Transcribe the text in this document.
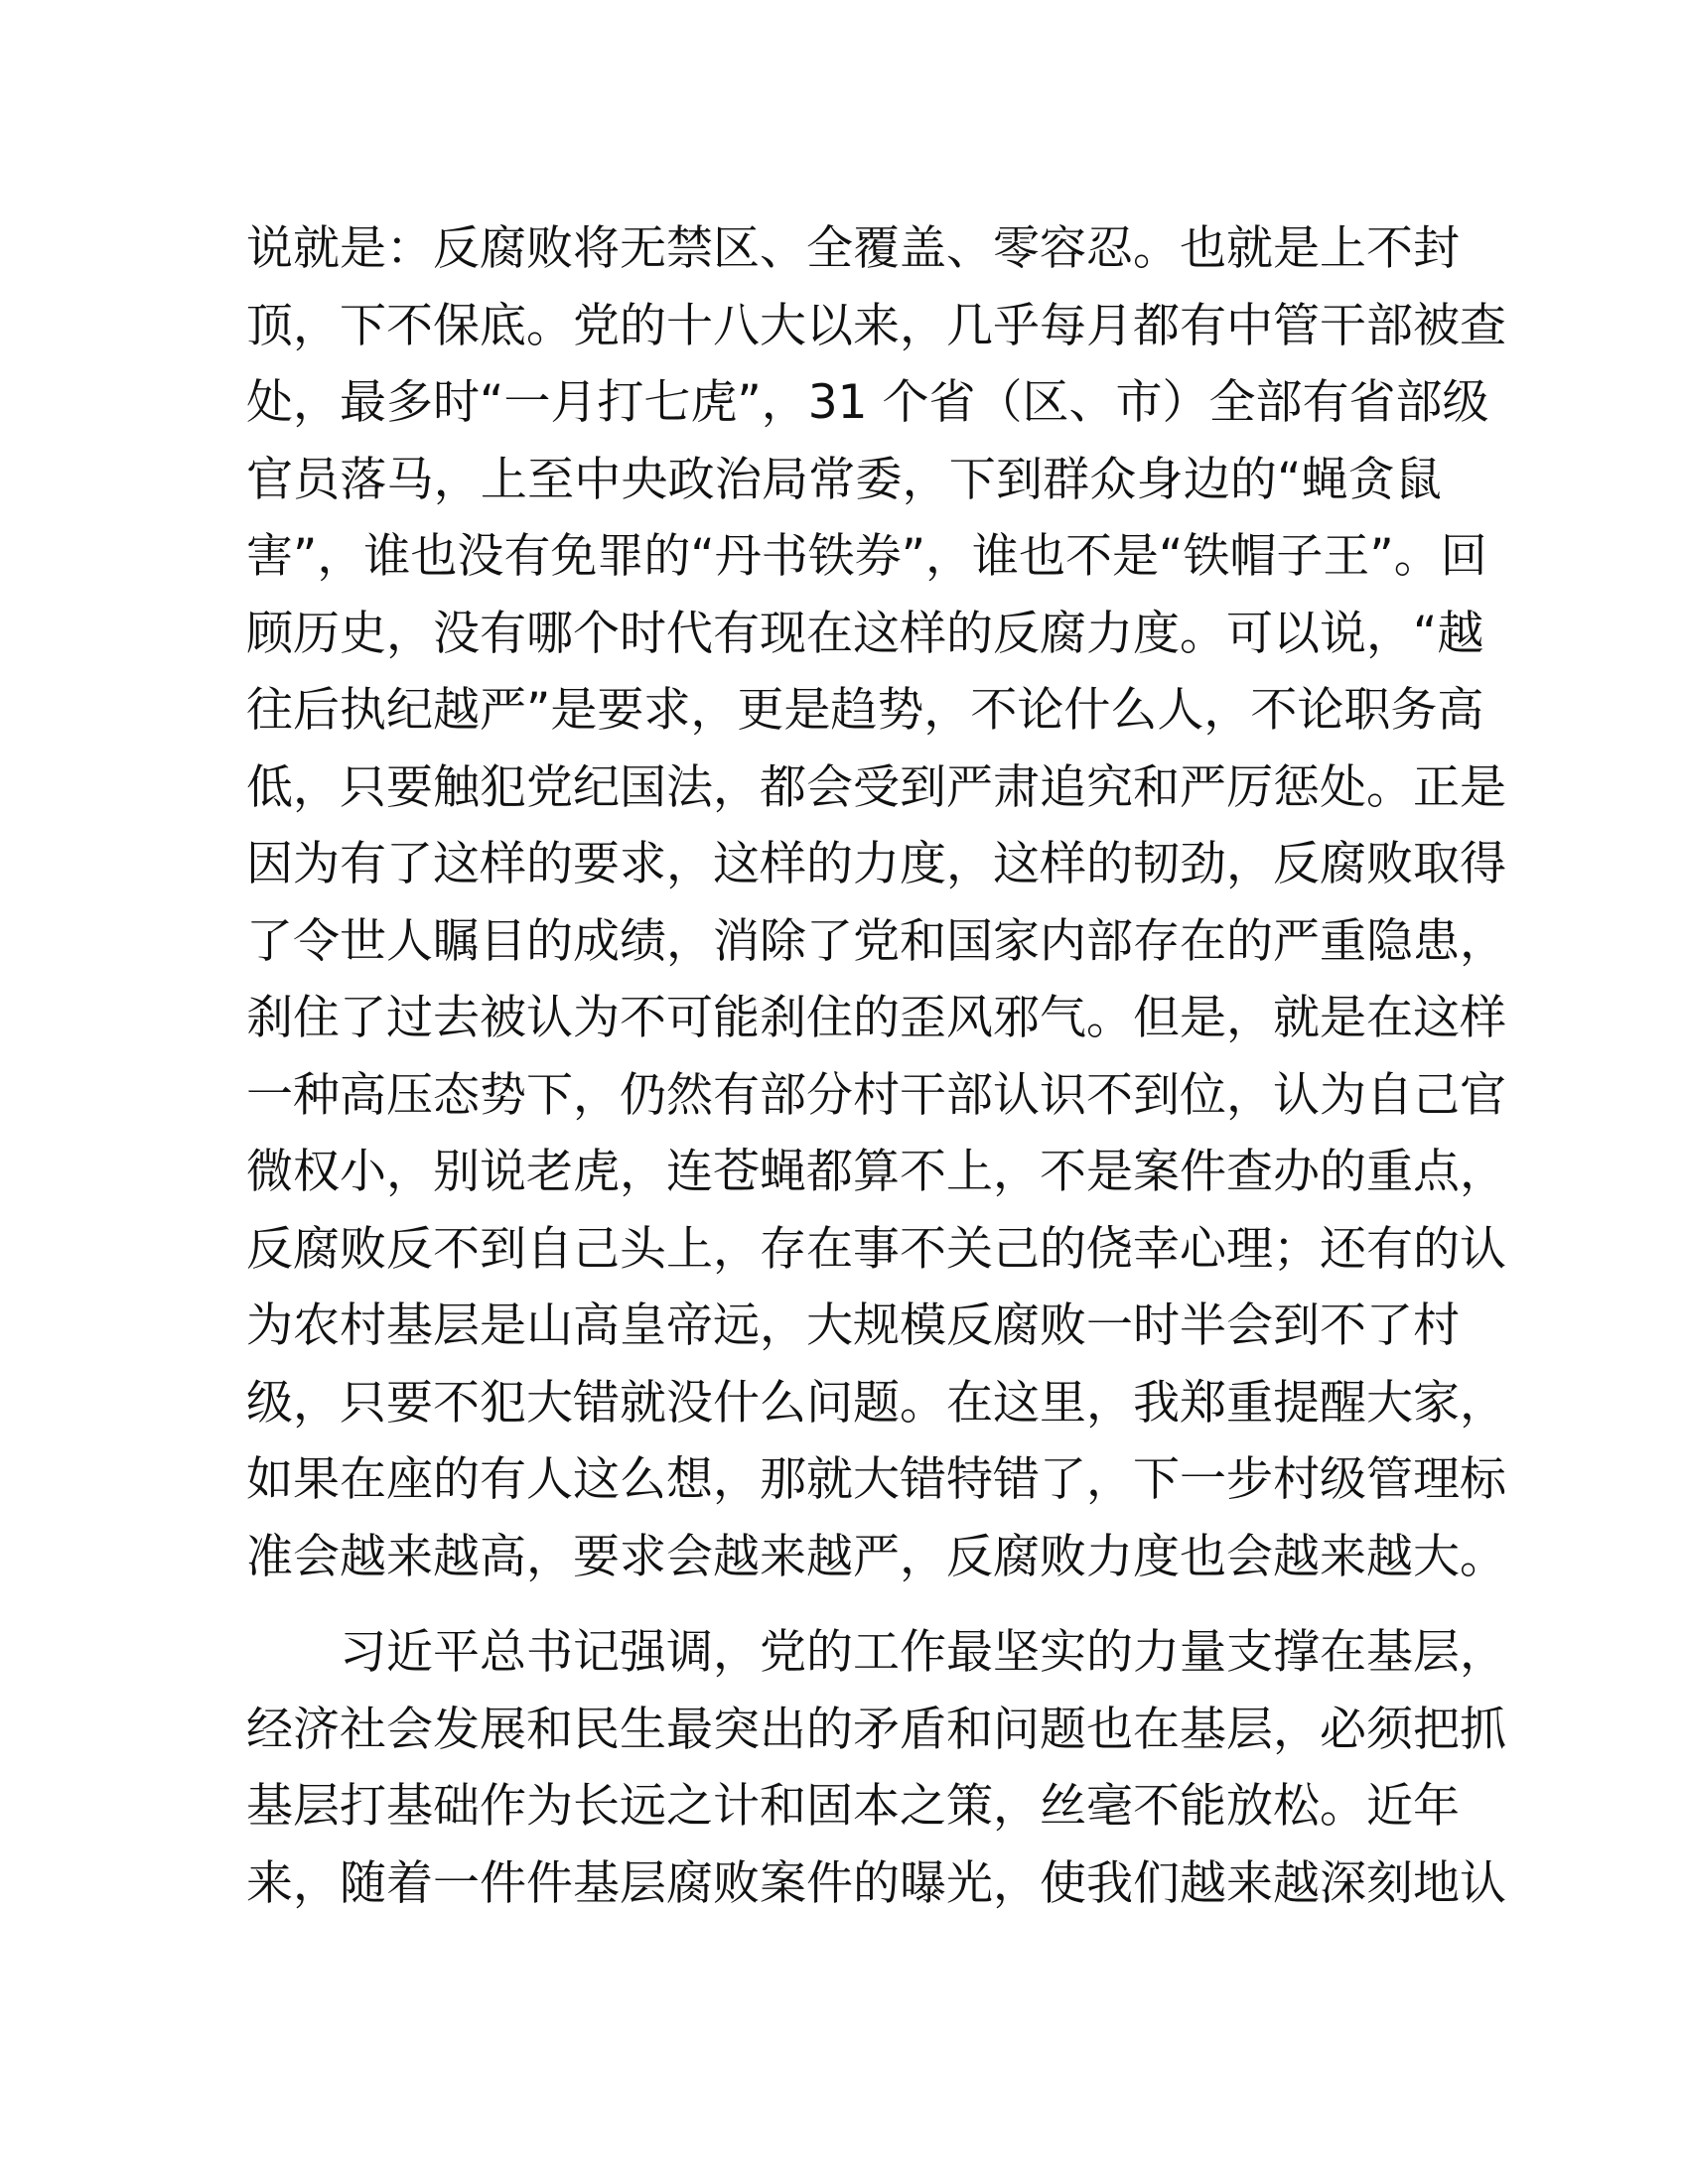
说就是：反腐败将无禁区、全覆盖、零容忍。也就是上不封
顶，下不保底。党的十八大以来，几乎每月都有中管干部被查
处，最多时“一月打七虎”，31 个省（区、市）全部有省部级
官员落马，上至中央政治局常委，下到群众身边的“蝇贪鼠
害”，谁也没有免罪的“丹书铁券”，谁也不是“铁帽子王”。回
顾历史，没有哪个时代有现在这样的反腐力度。可以说，“越
往后执纪越严”是要求，更是趋势，不论什么人，不论职务高
低，只要触犯党纪国法，都会受到严肃追究和严厉惩处。正是
因为有了这样的要求，这样的力度，这样的韧劲，反腐败取得
了令世人瞩目的成绩，消除了党和国家内部存在的严重隐患，
刹住了过去被认为不可能刹住的歪风邪气。但是，就是在这样
一种高压态势下，仍然有部分村干部认识不到位，认为自己官
微权小，别说老虎，连苍蝇都算不上，不是案件查办的重点，
反腐败反不到自己头上，存在事不关己的侥幸心理；还有的认
为农村基层是山高皇帝远，大规模反腐败一时半会到不了村
级，只要不犯大错就没什么问题。在这里，我郑重提醒大家，
如果在座的有人这么想，那就大错特错了，下一步村级管理标
准会越来越高，要求会越来越严，反腐败力度也会越来越大。
习近平总书记强调，党的工作最坚实的力量支撑在基层，
经济社会发展和民生最突出的矛盾和问题也在基层，必须把抓
基层打基础作为长远之计和固本之策，丝毫不能放松。近年
来，随着一件件基层腐败案件的曝光，使我们越来越深刻地认
